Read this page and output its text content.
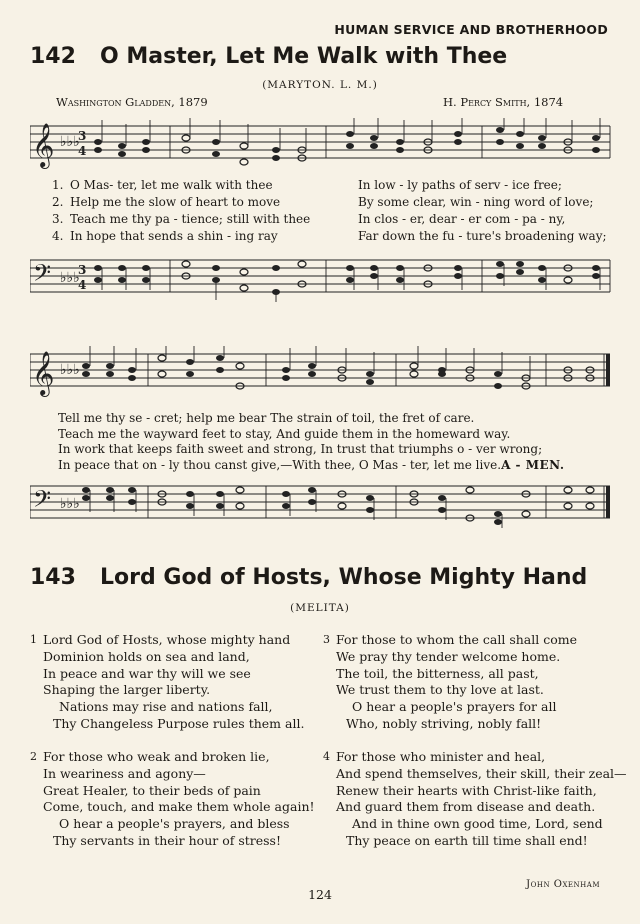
HUMAN SERVICE AND BROTHERHOOD
142 O Master, Let Me Walk with Thee
(MARYTON. L. M.)
Washington Gladden, 1879	H. Percy Smith, 1874
𝄞 ♭♭♭
3
4
1. O Mas- ter, let me walk with thee	In low - ly paths of serv - ice free;
2. Help me the slow of heart to move	By some clear, win - ning word of love;
3. Teach me thy pa - tience; still with thee	In clos - er, dear - er com - pa - ny,
4. In hope that sends a shin - ing ray	Far down the fu - ture's broadening way;
𝄢 ♭♭♭
3
4
𝄞 ♭♭♭
Tell me thy se - cret; help me bear The strain of toil, the fret of care.
Teach me the wayward feet to stay, And guide them in the homeward way.
In work that keeps faith sweet and strong, In trust that triumphs o - ver wrong;
In peace that on - ly thou canst give,—With thee, O Mas - ter, let me live. A - MEN.
𝄢 ♭♭♭
143 Lord God of Hosts, Whose Mighty Hand
(MELITA)
1 Lord God of Hosts, whose mighty hand
Dominion holds on sea and land,
In peace and war thy will we see
Shaping the larger liberty.
Nations may rise and nations fall,
Thy Changeless Purpose rules them all.
2 For those who weak and broken lie,
In weariness and agony—
Great Healer, to their beds of pain
Come, touch, and make them whole again!
O hear a people's prayers, and bless
Thy servants in their hour of stress!
3 For those to whom the call shall come
We pray thy tender welcome home.
The toil, the bitterness, all past,
We trust them to thy love at last.
O hear a people's prayers for all
Who, nobly striving, nobly fall!
4 For those who minister and heal,
And spend themselves, their skill, their zeal—
Renew their hearts with Christ-like faith,
And guard them from disease and death.
And in thine own good time, Lord, send
Thy peace on earth till time shall end!
John Oxenham
124
